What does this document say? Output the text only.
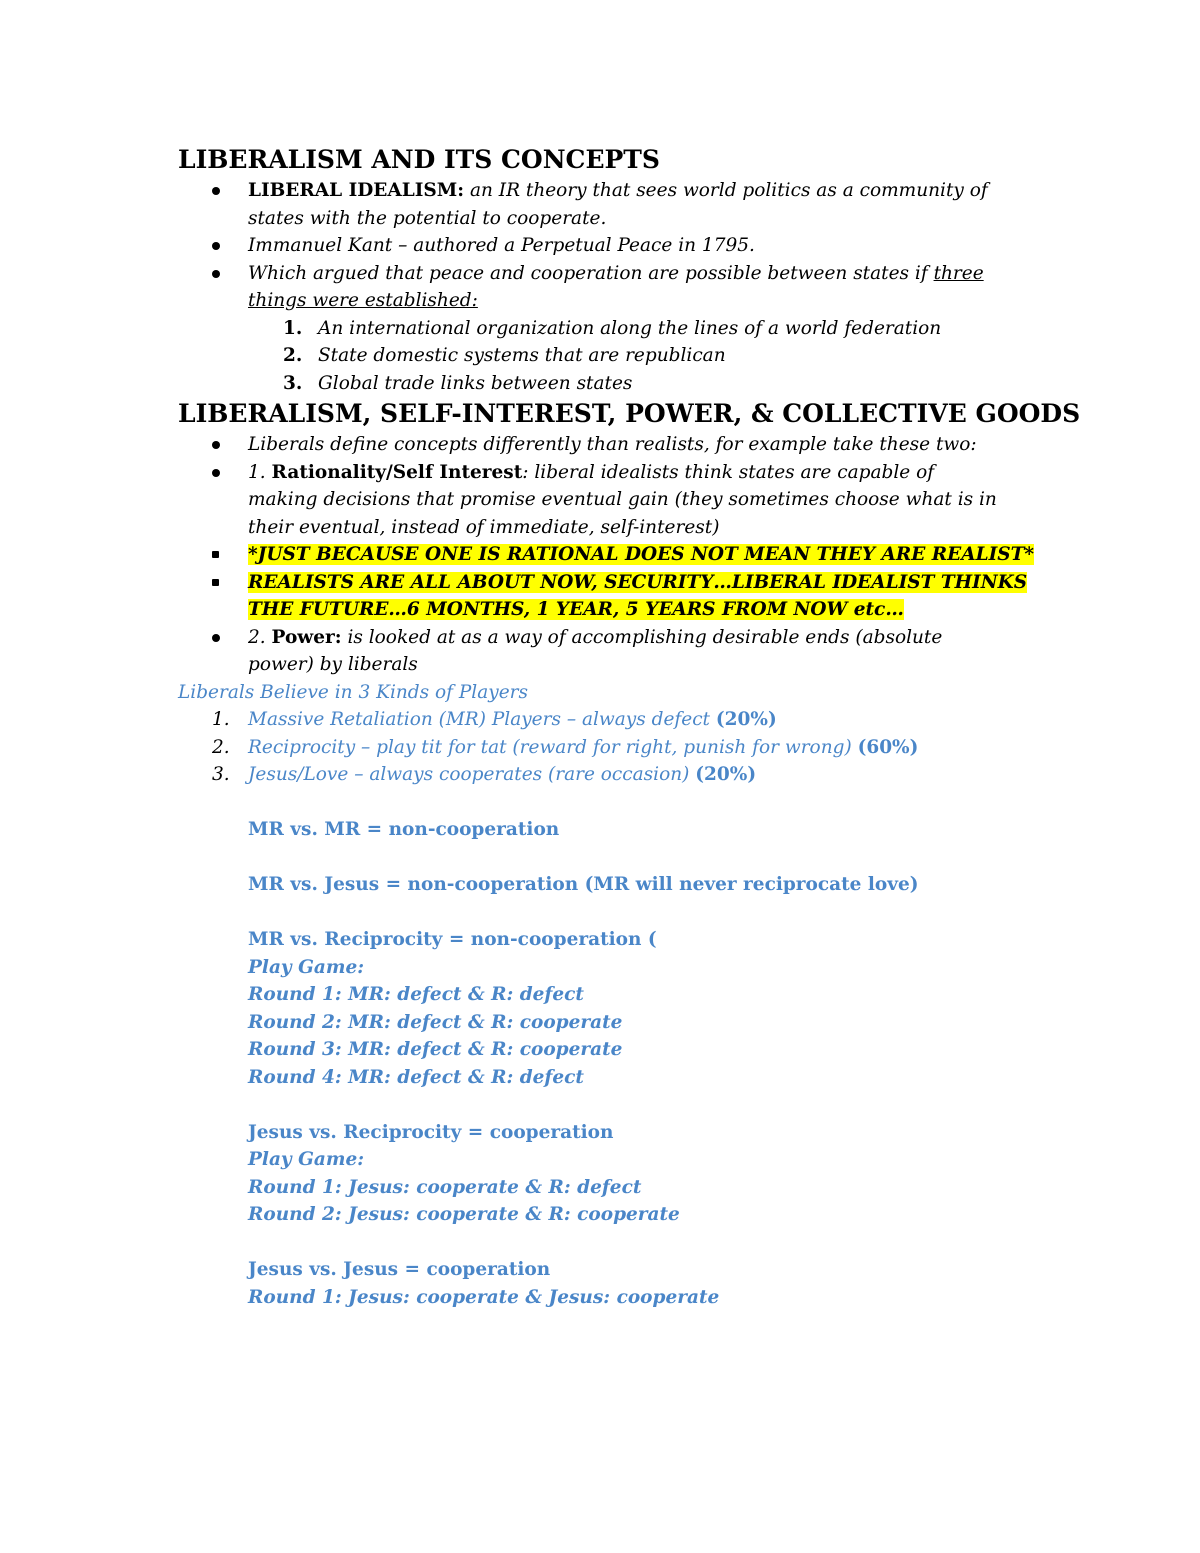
LIBERALISM AND ITS CONCEPTS
LIBERAL IDEALISM: an IR theory that sees world politics as a community of
states with the potential to cooperate.
Immanuel Kant – authored a Perpetual Peace in 1795.
Which argued that peace and cooperation are possible between states if three
things were established:
1. An international organization along the lines of a world federation
2. State domestic systems that are republican
3. Global trade links between states
LIBERALISM, SELF-INTEREST, POWER, & COLLECTIVE GOODS
Liberals define concepts differently than realists, for example take these two:
1. Rationality/Self Interest: liberal idealists think states are capable of
making decisions that promise eventual gain (they sometimes choose what is in
their eventual, instead of immediate, self-interest)
*JUST BECAUSE ONE IS RATIONAL DOES NOT MEAN THEY ARE REALIST*
REALISTS ARE ALL ABOUT NOW, SECURITY…LIBERAL IDEALIST THINKS
THE FUTURE…6 MONTHS, 1 YEAR, 5 YEARS FROM NOW etc…
2. Power: is looked at as a way of accomplishing desirable ends (absolute
power) by liberals
Liberals Believe in 3 Kinds of Players
1. Massive Retaliation (MR) Players – always defect (20%)
2. Reciprocity – play tit for tat (reward for right, punish for wrong) (60%)
3. Jesus/Love – always cooperates (rare occasion) (20%)
MR vs. MR = non-cooperation
MR vs. Jesus = non-cooperation (MR will never reciprocate love)
MR vs. Reciprocity = non-cooperation (
Play Game:
Round 1: MR: defect & R: defect
Round 2: MR: defect & R: cooperate
Round 3: MR: defect & R: cooperate
Round 4: MR: defect & R: defect
Jesus vs. Reciprocity = cooperation
Play Game:
Round 1: Jesus: cooperate & R: defect
Round 2: Jesus: cooperate & R: cooperate
Jesus vs. Jesus = cooperation
Round 1: Jesus: cooperate & Jesus: cooperate
